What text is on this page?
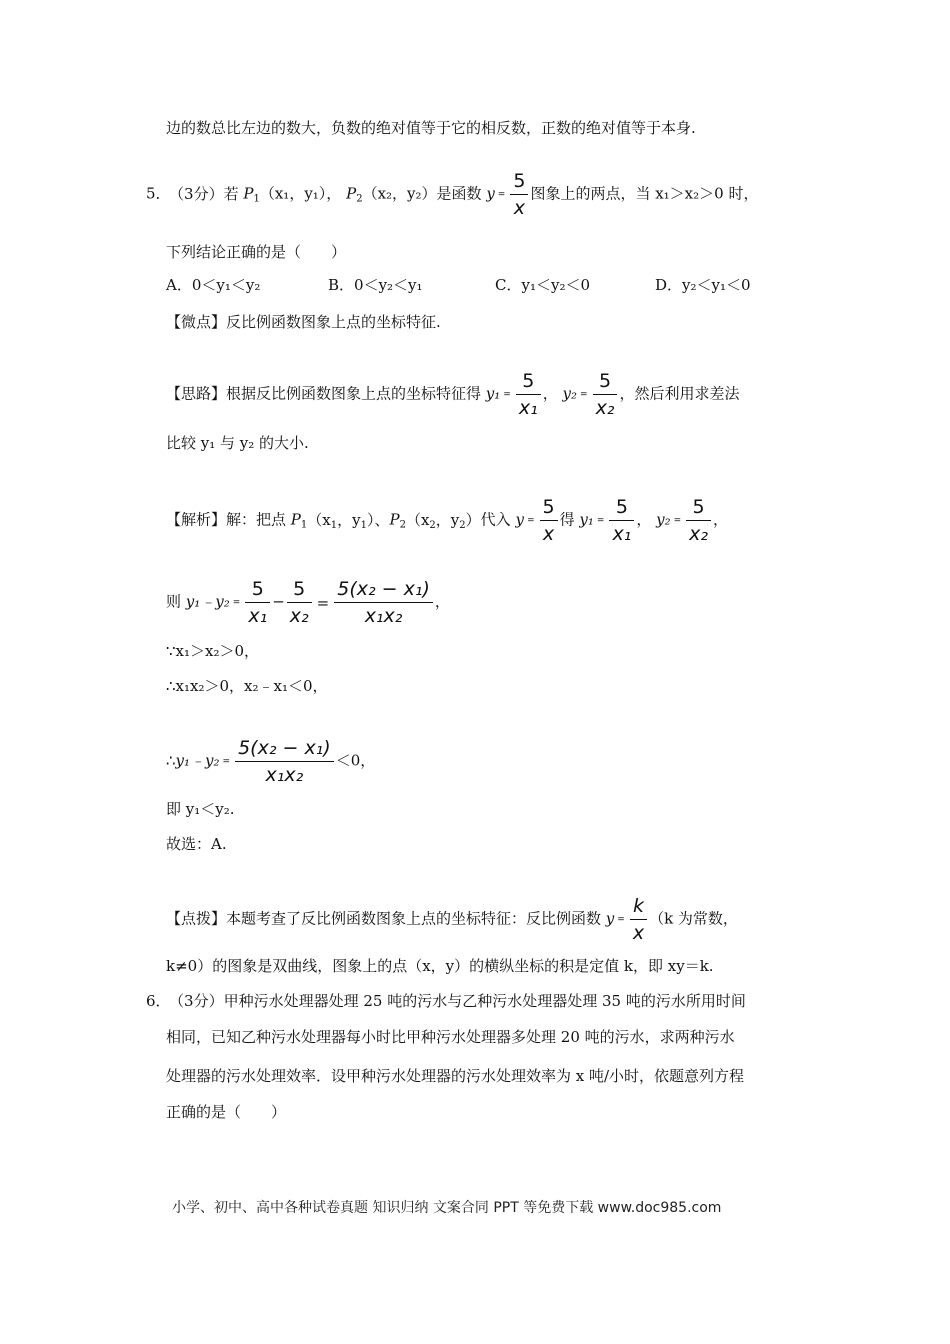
边的数总比左边的数大，负数的绝对值等于它的相反数，正数的绝对值等于本身.
5． （3分）若 $P_1(x_1$，y₁）， $P_2(x_2$，y₂）是函数 $y = \frac{5}{x}$ 图象上的两点，当 x₁＞x₂＞0 时，
下列结论正确的是（　　）
A．0＜y₁＜y₂	B．0＜y₂＜y₁	C．y₁＜y₂＜0	D．y₂＜y₁＜0
【微点】反比例函数图象上点的坐标特征.
【思路】根据反比例函数图象上点的坐标特征得 $y_1 = \frac{5}{\text{x₁}}$ ， $y_2 = \frac{5}{\text{x₂}}$ ，然后利用求差法
比较 y₁ 与 y₂ 的大小.
【解析】解：把点 $P_1(x_1$，$y_1$）、$P_2(x_2$，$y_2$）代入 $y = \frac{5}{x}$ 得 $y_1 = \frac{5}{\text{x₁}}$ ， $y_2 = \frac{5}{\text{x₂}}$ ，
则 y₁﹣y₂ = $\frac{5}{\text{x₁}} - \frac{5}{\text{x₂}} = \frac{\text{5(x₂ − x₁)}}{\text{x₁x₂}}$ ，
∵x₁＞x₂＞0，
∴x₁x₂＞0，x₂﹣x₁＜0，
∴y₁﹣y₂ = $\frac{\text{5(x₂ − x₁)}}{\text{x₁x₂}} <0$，
即 y₁＜y₂.
故选：A.
【点拨】本题考查了反比例函数图象上点的坐标特征：反比例函数 $y = \frac{k}{x} (k$ 为常数，
k≠0）的图象是双曲线，图象上的点（x，y）的横纵坐标的积是定值 k，即 xy＝k.
6． （3分）甲种污水处理器处理 25 吨的污水与乙种污水处理器处理 35 吨的污水所用时间
相同，已知乙种污水处理器每小时比甲种污水处理器多处理 20 吨的污水，求两种污水
处理器的污水处理效率．设甲种污水处理器的污水处理效率为 x 吨/小时，依题意列方程
正确的是（　　）
小学、初中、高中各种试卷真题 知识归纳 文案合同 PPT 等免费下载 www.doc985.com
